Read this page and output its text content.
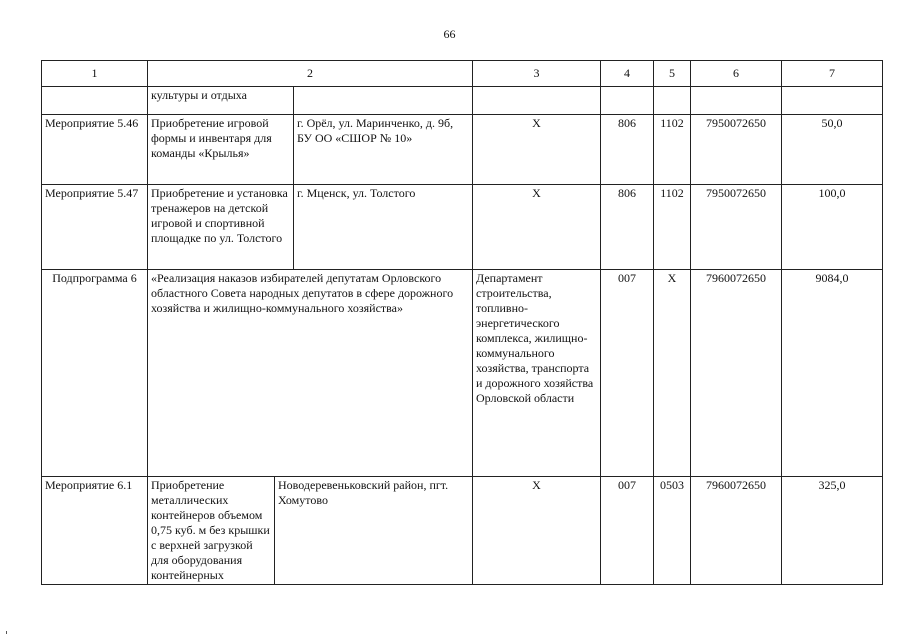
66
1	2			3	4	5	6	7
	культуры и отдыха							
Мероприятие 5.46	Приобретение игровой формы и инвентаря для команды «Крылья»		г. Орёл, ул. Маринченко, д. 9б, БУ ОО «СШОР № 10»	Х	806	1102	7950072650	50,0
Мероприятие 5.47	Приобретение и установка тренажеров на детской игровой и спортивной площадке по ул. Толстого		г. Мценск, ул. Толстого	Х	806	1102	7950072650	100,0
Подпрограмма 6	«Реализация наказов избирателей депутатам Орловского областного Совета народных депутатов в сфере дорожного хозяйства и жилищно-коммунального хозяйства»			Департамент строительства, топливно-энергетического комплекса, жилищно-коммунального хозяйства, транспорта и дорожного хозяйства Орловской области	007	Х	7960072650	9084,0
Мероприятие 6.1	Приобретение металлических контейнеров объемом 0,75 куб. м без крышки с верхней загрузкой для оборудования контейнерных	Новодеревеньковский район, пгт. Хомутово		Х	007	0503	7960072650	325,0
